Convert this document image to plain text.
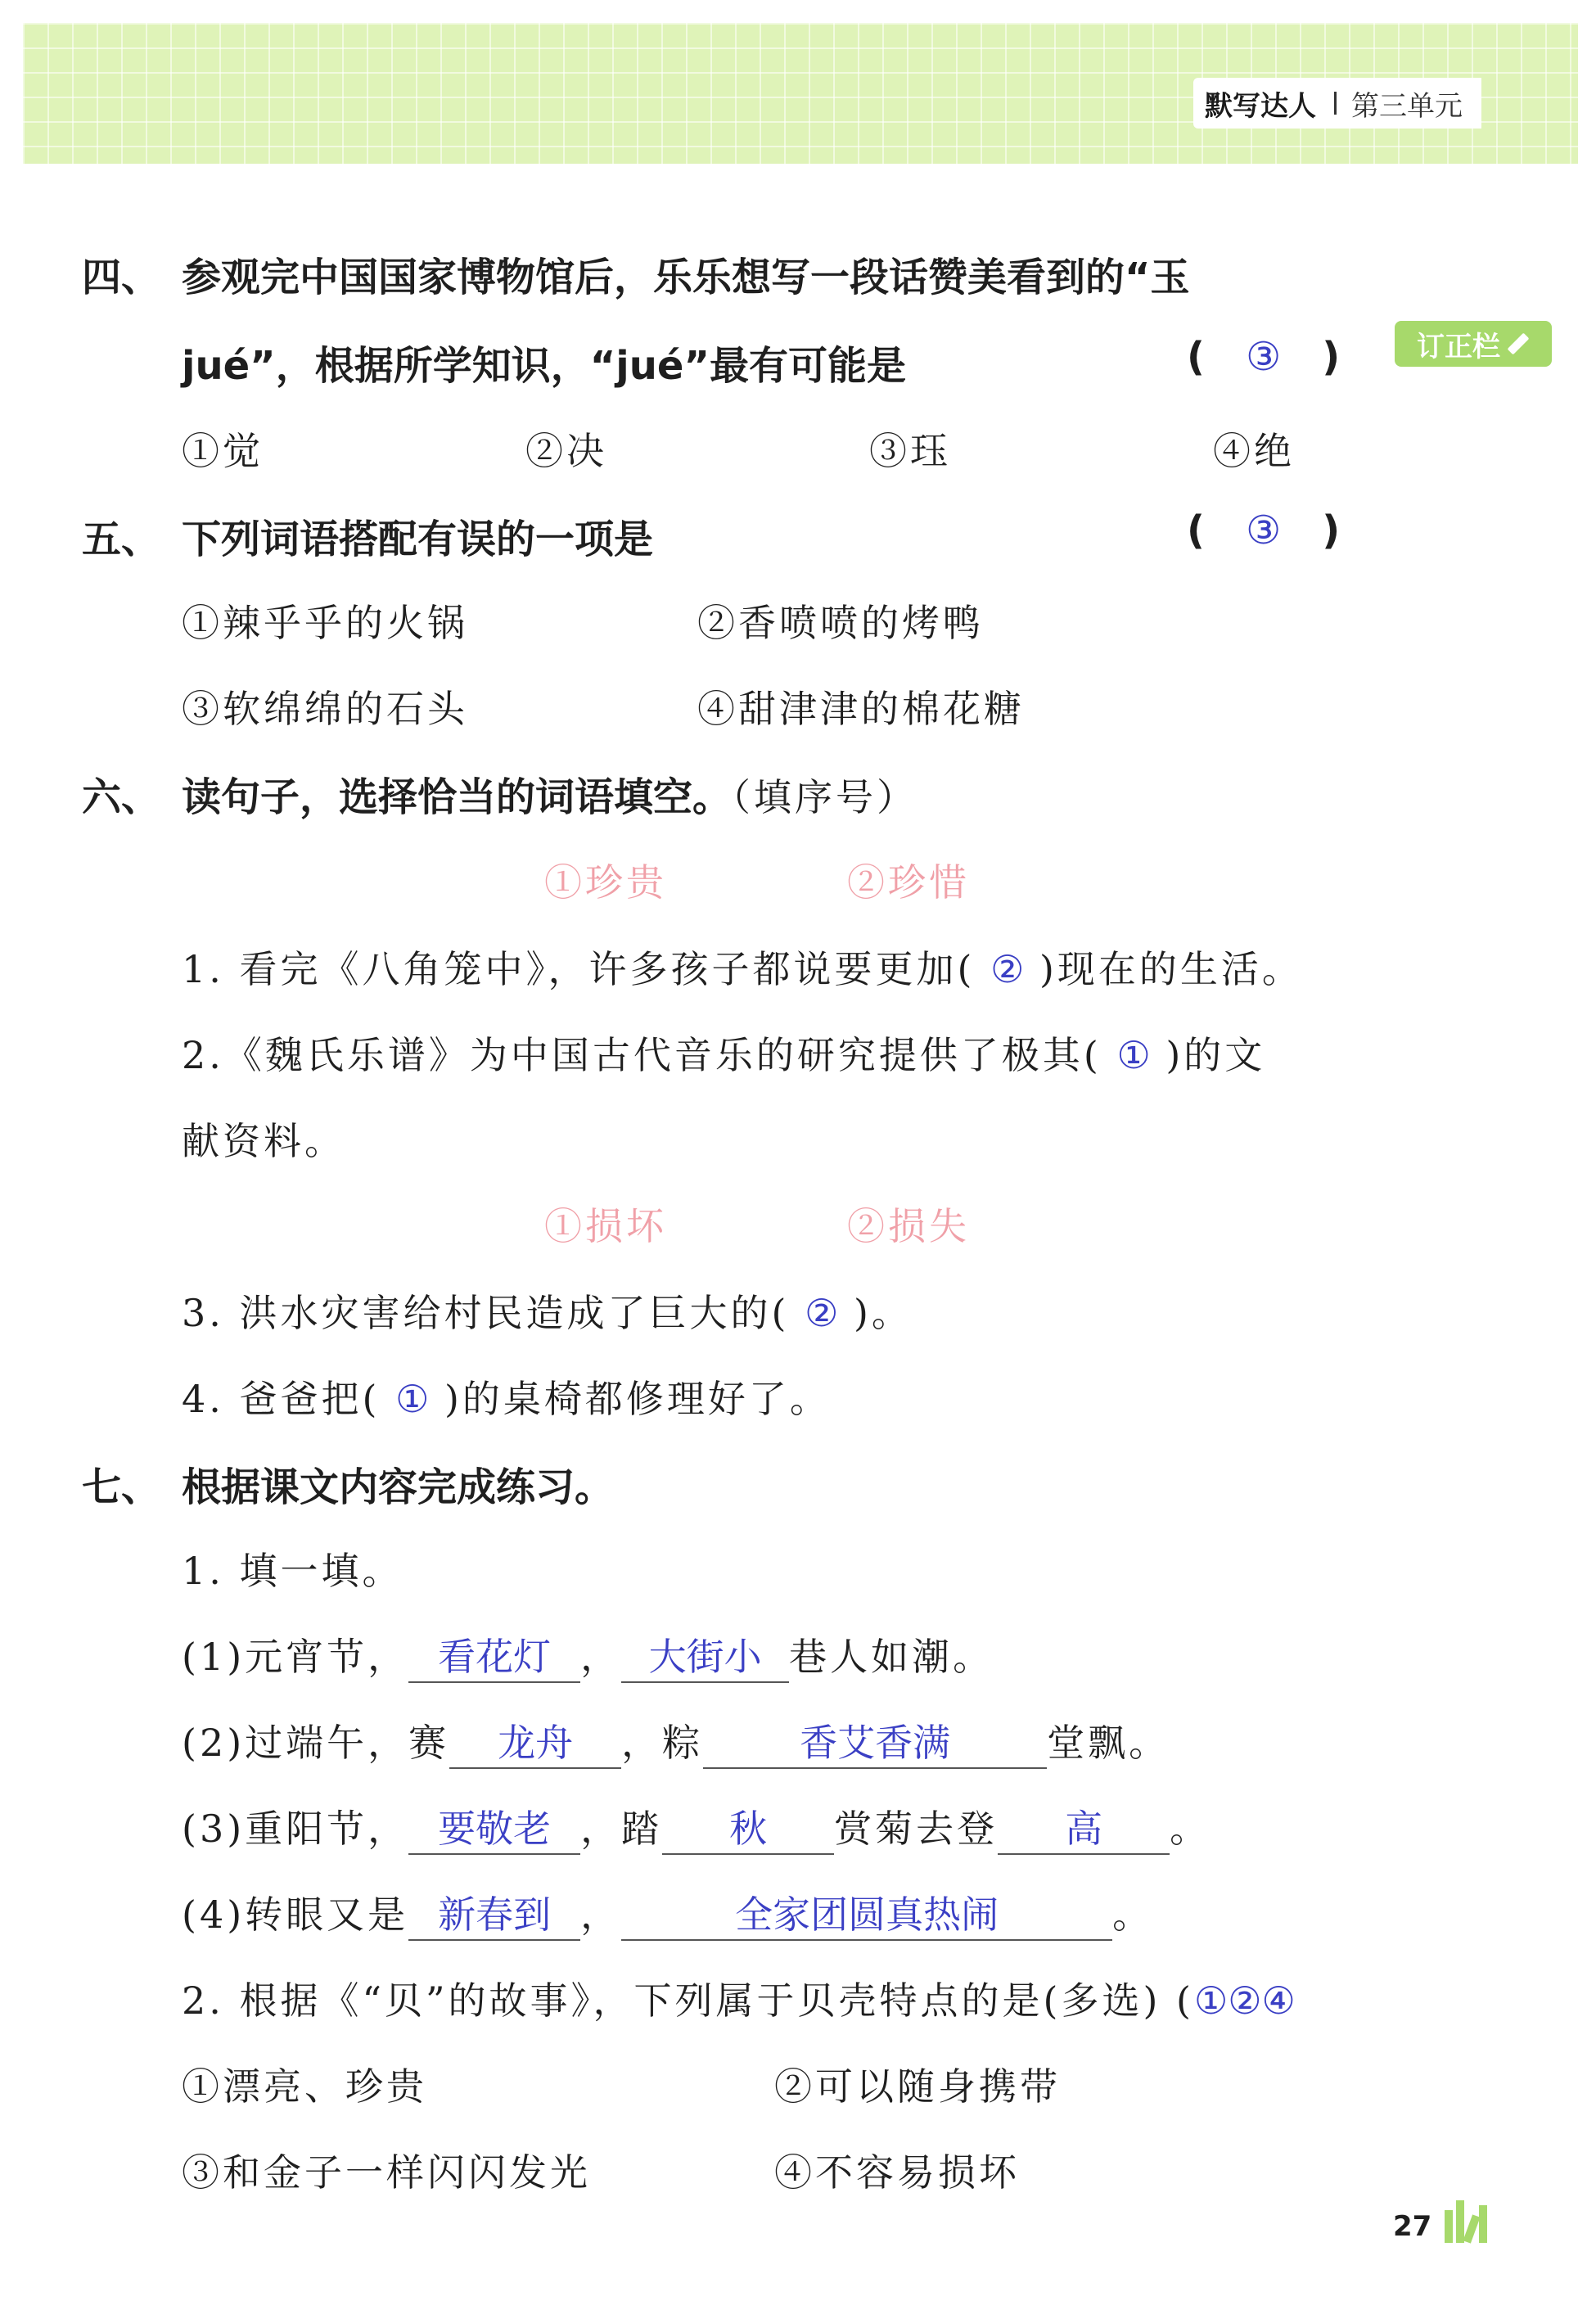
默写达人 第三单元
订正栏
四、 参观完中国国家博物馆后，乐乐想写一段话赞美看到的“玉
jué”，根据所学知识，“jué”最有可能是	(   ③   )
①觉	②决	③珏	④绝
五、 下列词语搭配有误的一项是	(   ③   )
①辣乎乎的火锅	②香喷喷的烤鸭
③软绵绵的石头	④甜津津的棉花糖
六、 读句子，选择恰当的词语填空。（填序号）
①珍贵	②珍惜
1. 看完《八角笼中》，许多孩子都说要更加( ② )现在的生活。
2.《魏氏乐谱》为中国古代音乐的研究提供了极其( ① )的文
献资料。
①损坏	②损失
3. 洪水灾害给村民造成了巨大的( ② )。
4. 爸爸把( ① )的桌椅都修理好了。
七、 根据课文内容完成练习。
1. 填一填。
(1)元宵节， 看花灯 ， 大街小 巷人如潮。
(2)过端午，赛 龙舟 ，粽	香艾香满	堂飘。
(3)重阳节， 要敬老 ，踏 秋 赏菊去登 高 。
(4)转眼又是 新春到 ，	全家团圆真热闹	。
2. 根据《“贝”的故事》，下列属于贝壳特点的是(多选) (①②④
①漂亮、珍贵	②可以随身携带
③和金子一样闪闪发光	④不容易损坏
27
